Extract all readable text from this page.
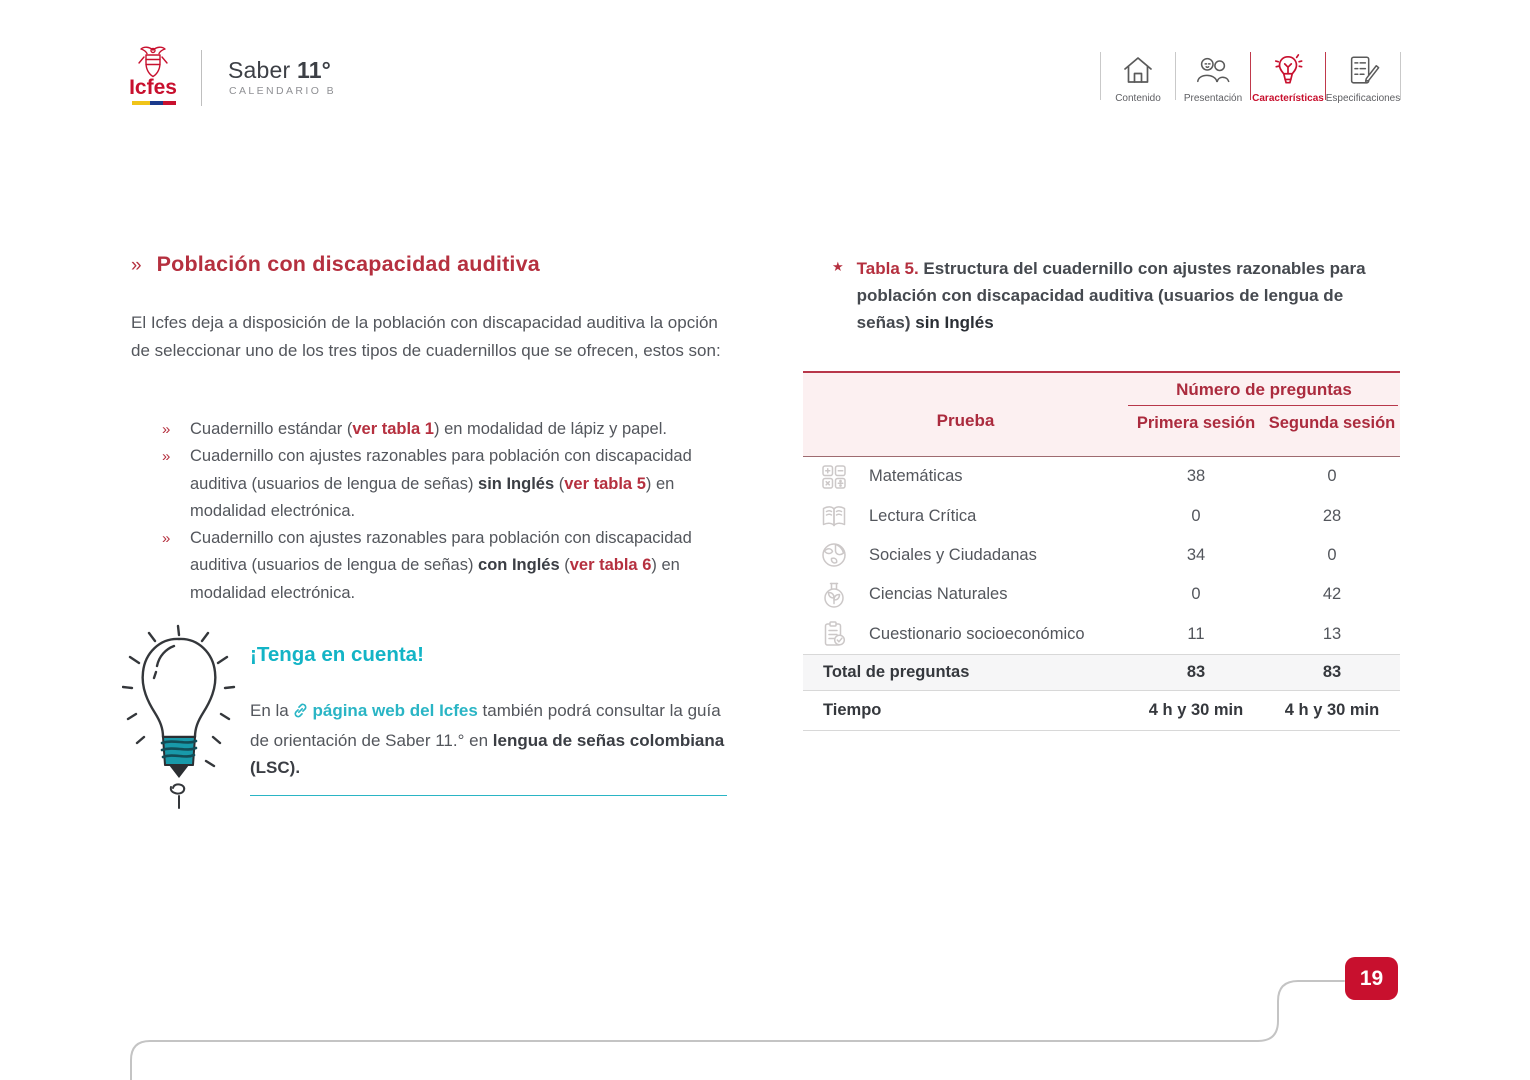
Icfes
Saber 11°
CALENDARIO B
Contenido Presentación Características Especificaciones
» Población con discapacidad auditiva
El Icfes deja a disposición de la población con discapacidad auditiva la opción de seleccionar uno de los tres tipos de cuadernillos que se ofrecen, estos son:
»	Cuadernillo estándar (ver tabla 1) en modalidad de lápiz y papel.
»	Cuadernillo con ajustes razonables para población con discapacidad auditiva (usuarios de lengua de señas) sin Inglés (ver tabla 5) en modalidad electrónica.
»	Cuadernillo con ajustes razonables para población con discapacidad auditiva (usuarios de lengua de señas) con Inglés (ver tabla 6) en modalidad electrónica.
¡Tenga en cuenta!
En la página web del Icfes también podrá consultar la guía de orientación de Saber 11.° en lengua de señas colombiana (LSC).
★ Tabla 5. Estructura del cuadernillo con ajustes razonables para población con discapacidad auditiva (usuarios de lengua de señas) sin Inglés
Prueba
Número de preguntas
Primera sesión Segunda sesión
Matemáticas	38	0
Lectura Crítica	0	28
Sociales y Ciudadanas	34	0
Ciencias Naturales	0	42
Cuestionario socioeconómico	11	13
Total de preguntas	83	83
Tiempo	4 h y 30 min	4 h y 30 min
19
